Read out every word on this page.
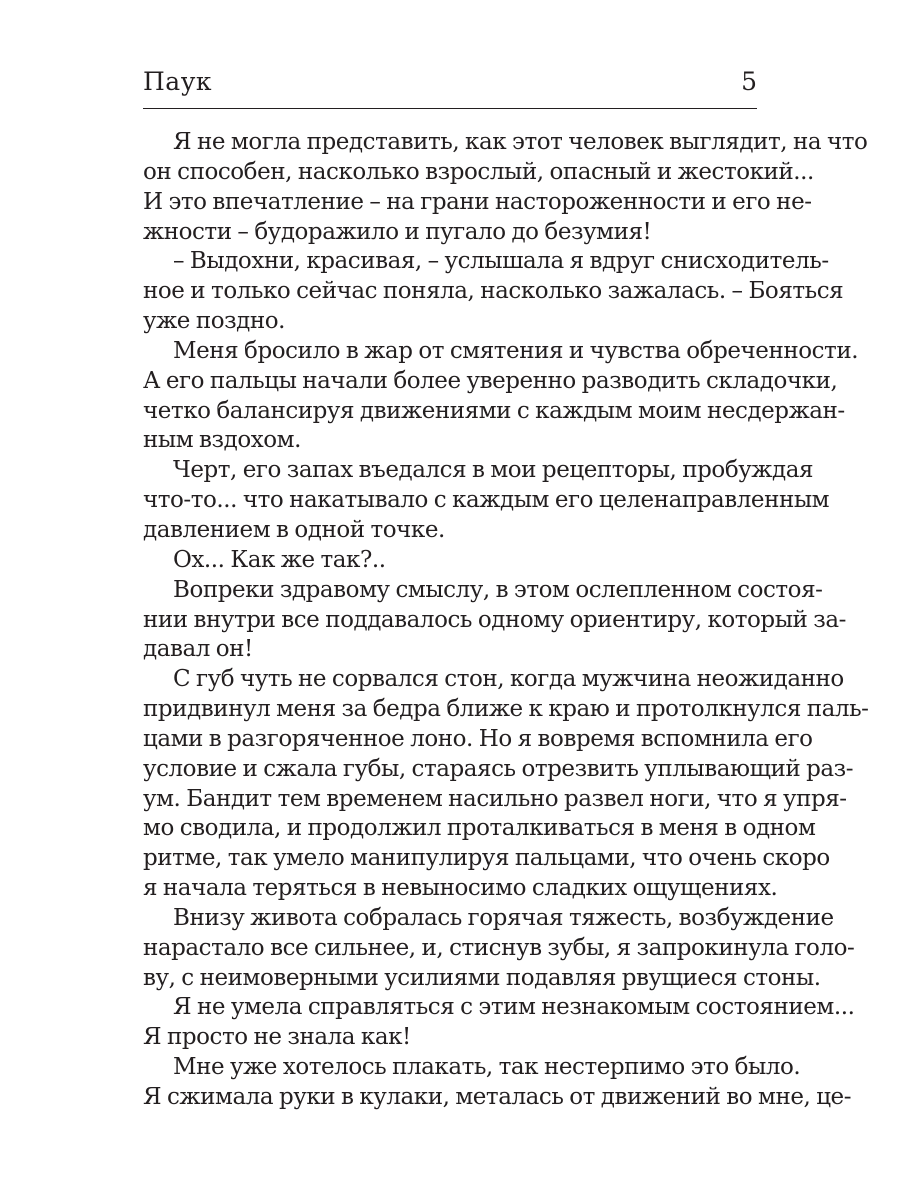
Паук	5
Я не могла представить, как этот человек выглядит, на что
он способен, насколько взрослый, опасный и жестокий...
И это впечатление – на грани настороженности и его не-
жности – будоражило и пугало до безумия!
– Выдохни, красивая, – услышала я вдруг снисходитель-
ное и только сейчас поняла, насколько зажалась. – Бояться
уже поздно.
Меня бросило в жар от смятения и чувства обреченности.
А его пальцы начали более уверенно разводить складочки,
четко балансируя движениями с каждым моим несдержан-
ным вздохом.
Черт, его запах въедался в мои рецепторы, пробуждая
что-то... что накатывало с каждым его целенаправленным
давлением в одной точке.
Ох... Как же так?..
Вопреки здравому смыслу, в этом ослепленном состоя-
нии внутри все поддавалось одному ориентиру, который за-
давал он!
С губ чуть не сорвался стон, когда мужчина неожиданно
придвинул меня за бедра ближе к краю и протолкнулся паль-
цами в разгоряченное лоно. Но я вовремя вспомнила его
условие и сжала губы, стараясь отрезвить уплывающий раз-
ум. Бандит тем временем насильно развел ноги, что я упря-
мо сводила, и продолжил проталкиваться в меня в одном
ритме, так умело манипулируя пальцами, что очень скоро
я начала теряться в невыносимо сладких ощущениях.
Внизу живота собралась горячая тяжесть, возбуждение
нарастало все сильнее, и, стиснув зубы, я запрокинула голо-
ву, с неимоверными усилиями подавляя рвущиеся стоны.
Я не умела справляться с этим незнакомым состоянием...
Я просто не знала как!
Мне уже хотелось плакать, так нестерпимо это было.
Я сжимала руки в кулаки, металась от движений во мне, це-
